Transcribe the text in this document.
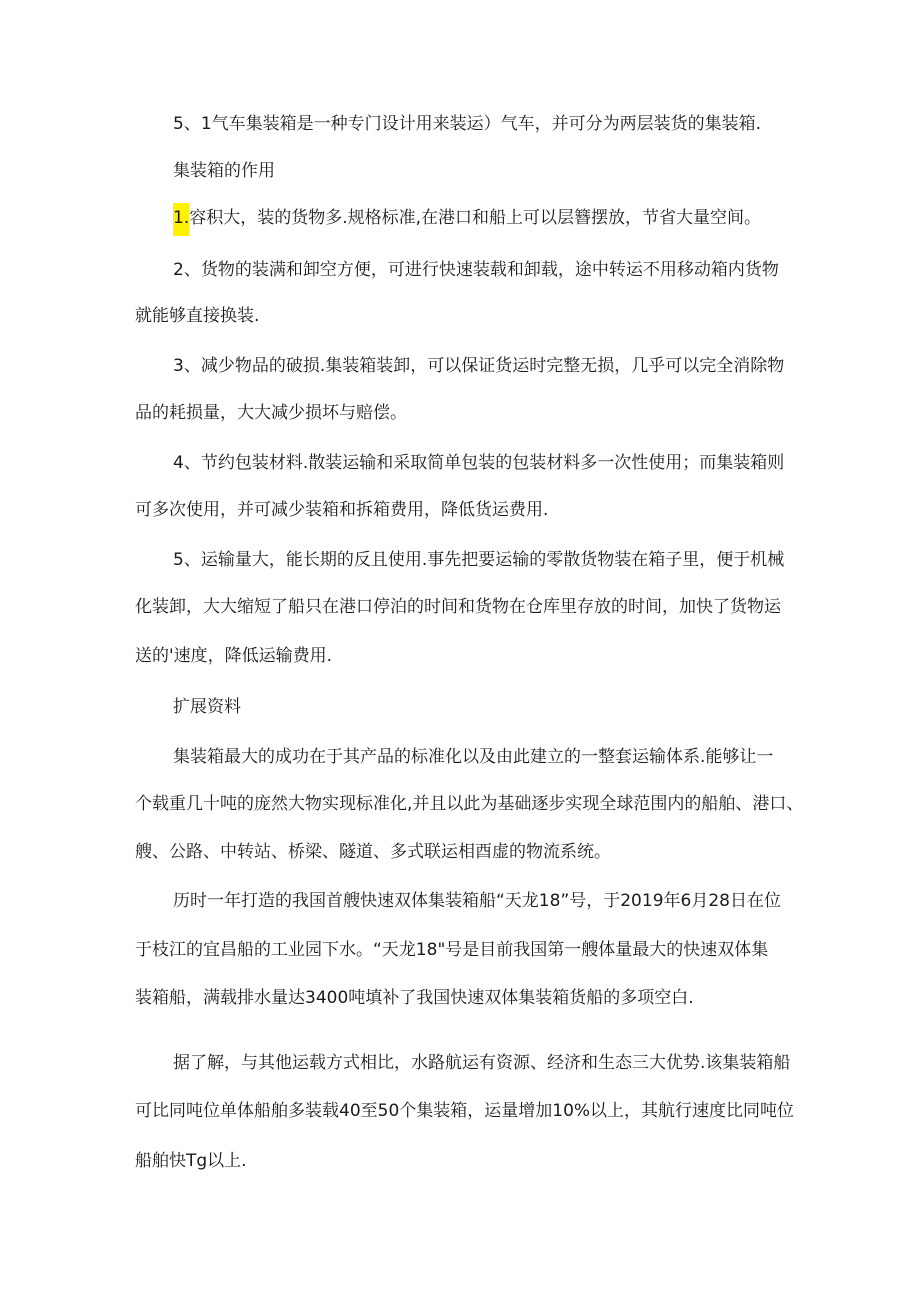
5、1气车集装箱是一种专门设计用来装运）气车，并可分为两层装货的集装箱.
集装箱的作用
1.容积大，装的货物多.规格标准,在港口和船上可以层簪摆放，节省大量空间。
2、货物的装满和卸空方便，可进行快速装载和卸载，途中转运不用移动箱内货物
就能够直接换装.
3、减少物品的破损.集装箱装卸，可以保证货运时完整无损，几乎可以完全消除物
品的耗损量，大大减少损坏与赔偿。
4、节约包装材料.散装运输和采取简单包装的包装材料多一次性使用；而集装箱则
可多次使用，并可减少装箱和拆箱费用，降低货运费用.
5、运输量大，能长期的反且使用.事先把要运输的零散货物装在箱子里，便于机械
化装卸，大大缩短了船只在港口停泊的时间和货物在仓库里存放的时间，加快了货物运
送的'速度，降低运输费用.
扩展资料
集装箱最大的成功在于其产品的标准化以及由此建立的一整套运输体系.能够让一
个载重几十吨的庞然大物实现标准化,并且以此为基础逐步实现全球范围内的船舶、港口、
艘、公路、中转站、桥梁、隧道、多式联运相酉虚的物流系统。
历时一年打造的我国首艘快速双体集装箱船“天龙18”号，于2019年6月28日在位
于枝江的宜昌船的工业园下水。“天龙18"号是目前我国第一艘体量最大的快速双体集
装箱船，满载排水量达3400吨填补了我国快速双体集装箱货船的多项空白.
据了解，与其他运载方式相比，水路航运有资源、经济和生态三大优势.该集装箱船
可比同吨位单体船舶多装载40至50个集装箱，运量增加10%以上，其航行速度比同吨位
船舶快Tg以上.
